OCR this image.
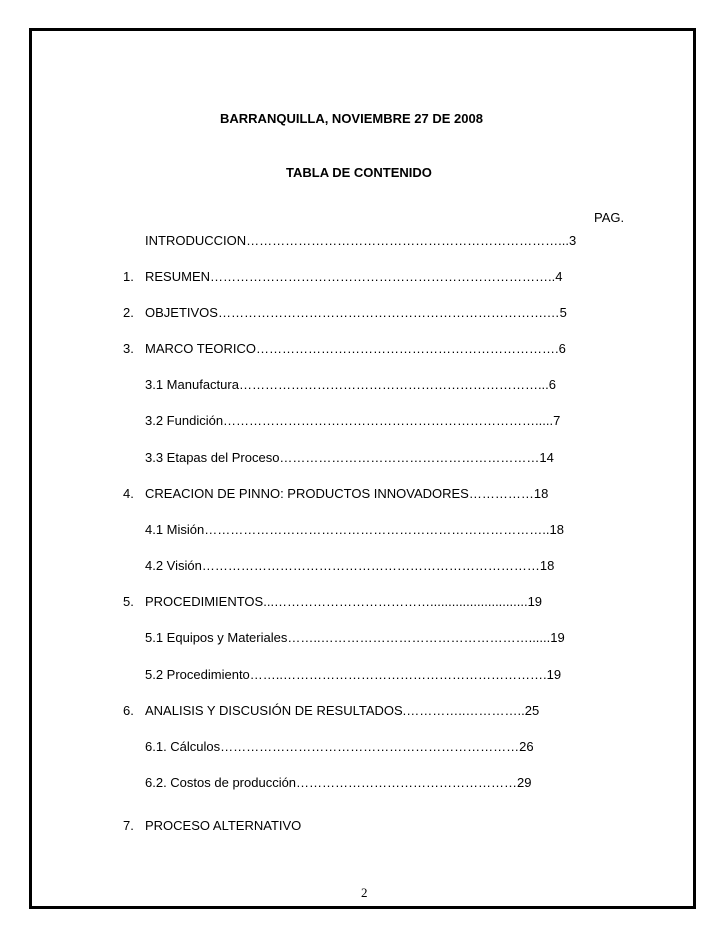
BARRANQUILLA, NOVIEMBRE 27 DE 2008
TABLA DE CONTENIDO
PAG.
INTRODUCCION………………………………………………………………...3
1. RESUMEN……………………………………………………………………..4
2. OBJETIVOS………………………………………………………………….…5
3. MARCO TEORICO…………………………………………………………….6
3.1 Manufactura……………………………………………………………...6
3.2 Fundición……………………………………………………………….....7
3.3 Etapas del Proceso……………………………………………………14
4. CREACION DE PINNO: PRODUCTOS INNOVADORES……………18
4.1 Misión……………………………………………………………………..18
4.2 Visión……………………………………………………………………18
5. PROCEDIMIENTOS...………………………………...........................19
5.1 Equipos y Materiales……..…………………………………………......19
5.2 Procedimiento……..…………………………………………………….19
6. ANALISIS Y DISCUSIÓN DE RESULTADOS.…………..…………..25
6.1. Cálculos……………………………………………………………26
6.2. Costos de producción……………………………………………29
7. PROCESO ALTERNATIVO
2
